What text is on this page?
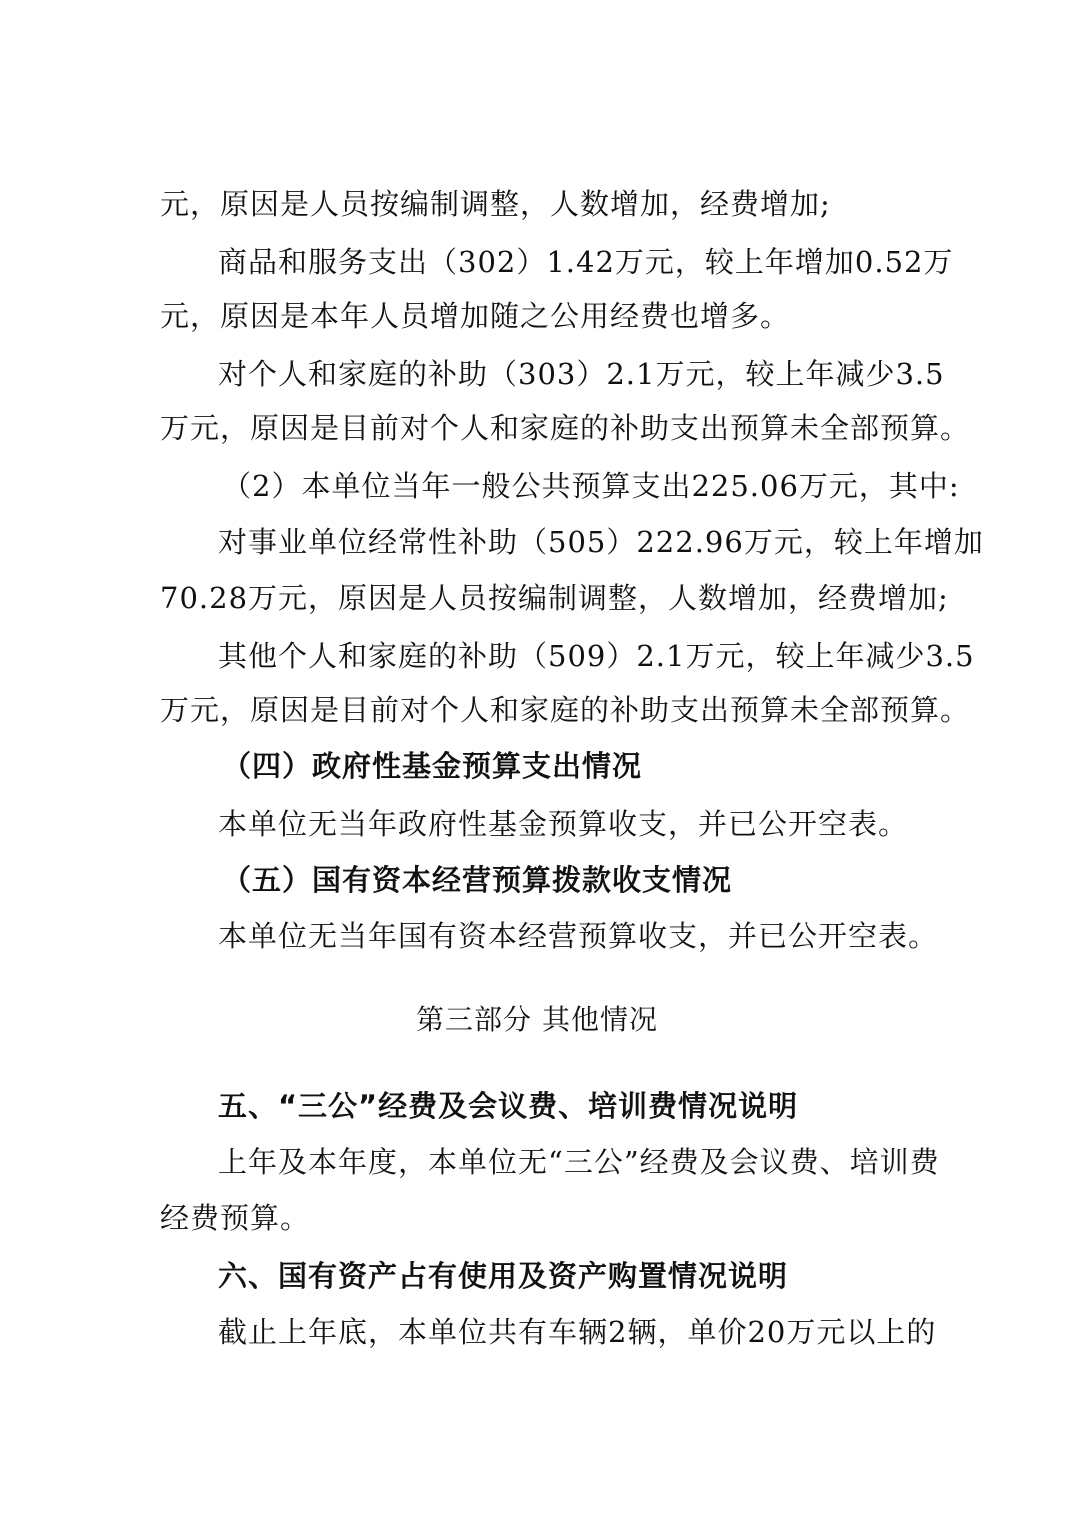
元，原因是人员按编制调整，人数增加，经费增加;
商品和服务支出（302）1.42万元，较上年增加0.52万
元，原因是本年人员增加随之公用经费也增多。
对个人和家庭的补助（303）2.1万元，较上年减少3.5
万元，原因是目前对个人和家庭的补助支出预算未全部预算。
（2）本单位当年一般公共预算支出225.06万元，其中:
对事业单位经常性补助（505）222.96万元，较上年增加
70.28万元，原因是人员按编制调整，人数增加，经费增加;
其他个人和家庭的补助（509）2.1万元，较上年减少3.5
万元，原因是目前对个人和家庭的补助支出预算未全部预算。
（四）政府性基金预算支出情况
本单位无当年政府性基金预算收支，并已公开空表。
（五）国有资本经营预算拨款收支情况
本单位无当年国有资本经营预算收支，并已公开空表。
第三部分 其他情况
五、“三公”经费及会议费、培训费情况说明
上年及本年度，本单位无“三公”经费及会议费、培训费
经费预算。
六、国有资产占有使用及资产购置情况说明
截止上年底，本单位共有车辆2辆，单价20万元以上的
